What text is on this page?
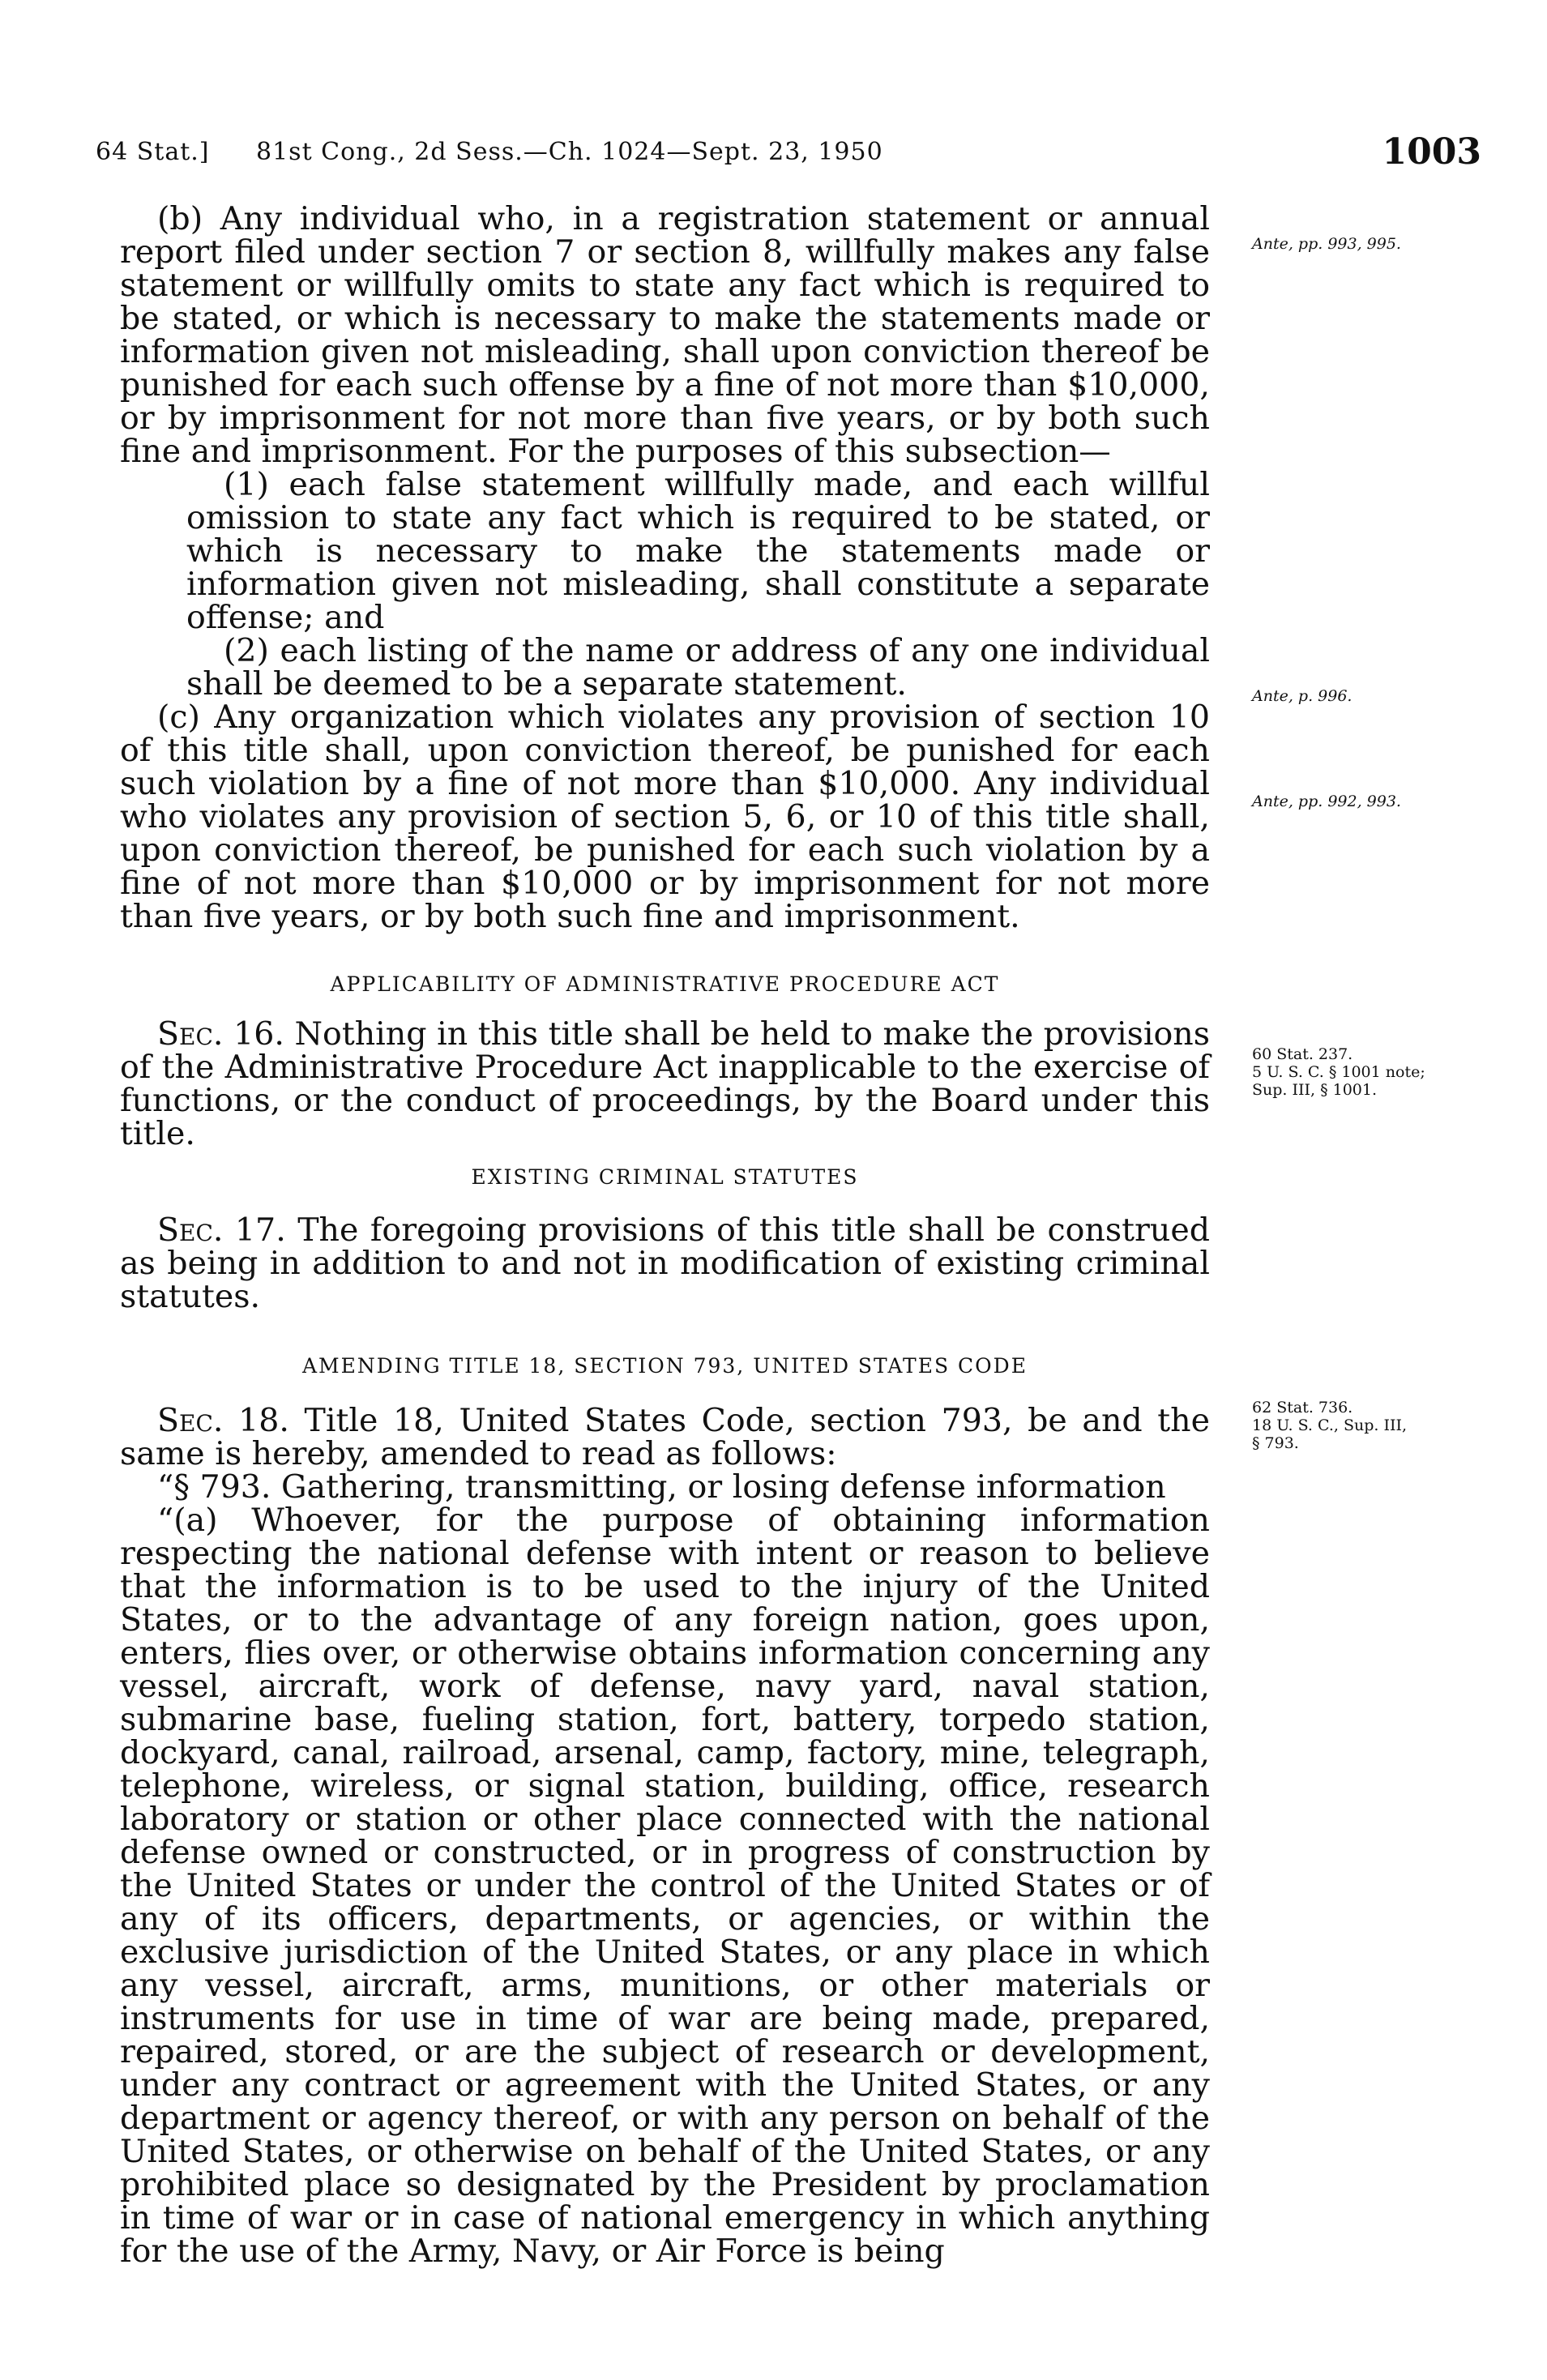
64 Stat.] 81st Cong., 2d Sess.—Ch. 1024—Sept. 23, 1950	1003

(b) Any individual who, in a registration statement or annual report filed under section 7 or section 8, willfully makes any false statement or willfully omits to state any fact which is required to be stated, or which is necessary to make the statements made or information given not misleading, shall upon conviction thereof be punished for each such offense by a fine of not more than $10,000, or by imprisonment for not more than five years, or by both such fine and imprisonment. For the purposes of this subsection—

(1) each false statement willfully made, and each willful omission to state any fact which is required to be stated, or which is necessary to make the statements made or information given not misleading, shall constitute a separate offense; and

(2) each listing of the name or address of any one individual shall be deemed to be a separate statement.

(c) Any organization which violates any provision of section 10 of this title shall, upon conviction thereof, be punished for each such violation by a fine of not more than $10,000. Any individual who violates any provision of section 5, 6, or 10 of this title shall, upon conviction thereof, be punished for each such violation by a fine of not more than $10,000 or by imprisonment for not more than five years, or by both such fine and imprisonment.

APPLICABILITY OF ADMINISTRATIVE PROCEDURE ACT

Sec. 16. Nothing in this title shall be held to make the provisions of the Administrative Procedure Act inapplicable to the exercise of functions, or the conduct of proceedings, by the Board under this title.

EXISTING CRIMINAL STATUTES

Sec. 17. The foregoing provisions of this title shall be construed as being in addition to and not in modification of existing criminal statutes.

AMENDING TITLE 18, SECTION 793, UNITED STATES CODE

Sec. 18. Title 18, United States Code, section 793, be and the same is hereby, amended to read as follows:

“§ 793. Gathering, transmitting, or losing defense information

“(a) Whoever, for the purpose of obtaining information respecting the national defense with intent or reason to believe that the information is to be used to the injury of the United States, or to the advantage of any foreign nation, goes upon, enters, flies over, or otherwise obtains information concerning any vessel, aircraft, work of defense, navy yard, naval station, submarine base, fueling station, fort, battery, torpedo station, dockyard, canal, railroad, arsenal, camp, factory, mine, telegraph, telephone, wireless, or signal station, building, office, research laboratory or station or other place connected with the national defense owned or constructed, or in progress of construction by the United States or under the control of the United States or of any of its officers, departments, or agencies, or within the exclusive jurisdiction of the United States, or any place in which any vessel, aircraft, arms, munitions, or other materials or instruments for use in time of war are being made, prepared, repaired, stored, or are the subject of research or development, under any contract or agreement with the United States, or any department or agency thereof, or with any person on behalf of the United States, or otherwise on behalf of the United States, or any prohibited place so designated by the President by proclamation in time of war or in case of national emergency in which anything for the use of the Army, Navy, or Air Force is being

Ante, pp. 993, 995.
Ante, p. 996.
Ante, pp. 992, 993.
60 Stat. 237.
5 U. S. C. § 1001 note;
Sup. III, § 1001.
62 Stat. 736.
18 U. S. C., Sup. III,
§ 793.
